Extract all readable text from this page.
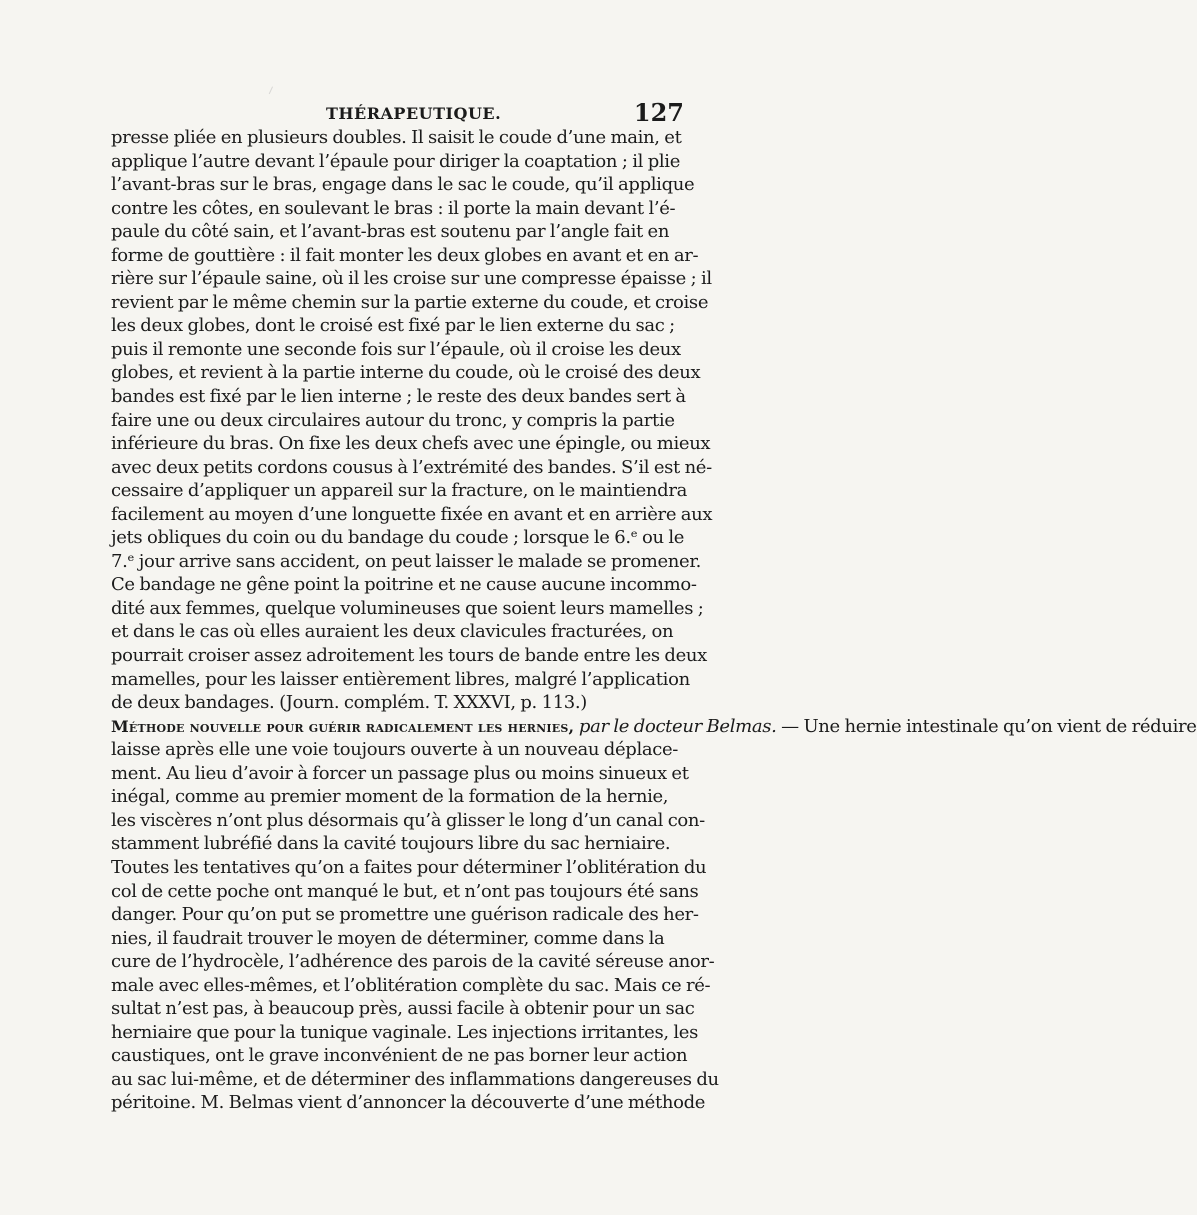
THÉRAPEUTIQUE.	127
presse pliée en plusieurs doubles. Il saisit le coude d’une main, et
applique l’autre devant l’épaule pour diriger la coaptation ; il plie
l’avant-bras sur le bras, engage dans le sac le coude, qu’il applique
contre les côtes, en soulevant le bras : il porte la main devant l’é-
paule du côté sain, et l’avant-bras est soutenu par l’angle fait en
forme de gouttière : il fait monter les deux globes en avant et en ar-
rière sur l’épaule saine, où il les croise sur une compresse épaisse ; il
revient par le même chemin sur la partie externe du coude, et croise
les deux globes, dont le croisé est fixé par le lien externe du sac ;
puis il remonte une seconde fois sur l’épaule, où il croise les deux
globes, et revient à la partie interne du coude, où le croisé des deux
bandes est fixé par le lien interne ; le reste des deux bandes sert à
faire une ou deux circulaires autour du tronc, y compris la partie
inférieure du bras. On fixe les deux chefs avec une épingle, ou mieux
avec deux petits cordons cousus à l’extrémité des bandes. S’il est né-
cessaire d’appliquer un appareil sur la fracture, on le maintiendra
facilement au moyen d’une longuette fixée en avant et en arrière aux
jets obliques du coin ou du bandage du coude ; lorsque le 6.ᵉ ou le
7.ᵉ jour arrive sans accident, on peut laisser le malade se promener.
Ce bandage ne gêne point la poitrine et ne cause aucune incommo-
dité aux femmes, quelque volumineuses que soient leurs mamelles ;
et dans le cas où elles auraient les deux clavicules fracturées, on
pourrait croiser assez adroitement les tours de bande entre les deux
mamelles, pour les laisser entièrement libres, malgré l’application
de deux bandages. (Journ. complém. T. XXXVI, p. 113.)
Méthode nouvelle pour guérir radicalement les hernies, par le docteur Belmas. — Une hernie intestinale qu’on vient de réduire
laisse après elle une voie toujours ouverte à un nouveau déplace-
ment. Au lieu d’avoir à forcer un passage plus ou moins sinueux et
inégal, comme au premier moment de la formation de la hernie,
les viscères n’ont plus désormais qu’à glisser le long d’un canal con-
stamment lubréfié dans la cavité toujours libre du sac herniaire.
Toutes les tentatives qu’on a faites pour déterminer l’oblitération du
col de cette poche ont manqué le but, et n’ont pas toujours été sans
danger. Pour qu’on put se promettre une guérison radicale des her-
nies, il faudrait trouver le moyen de déterminer, comme dans la
cure de l’hydrocèle, l’adhérence des parois de la cavité séreuse anor-
male avec elles-mêmes, et l’oblitération complète du sac. Mais ce ré-
sultat n’est pas, à beaucoup près, aussi facile à obtenir pour un sac
herniaire que pour la tunique vaginale. Les injections irritantes, les
caustiques, ont le grave inconvénient de ne pas borner leur action
au sac lui-même, et de déterminer des inflammations dangereuses du
péritoine. M. Belmas vient d’annoncer la découverte d’une méthode
